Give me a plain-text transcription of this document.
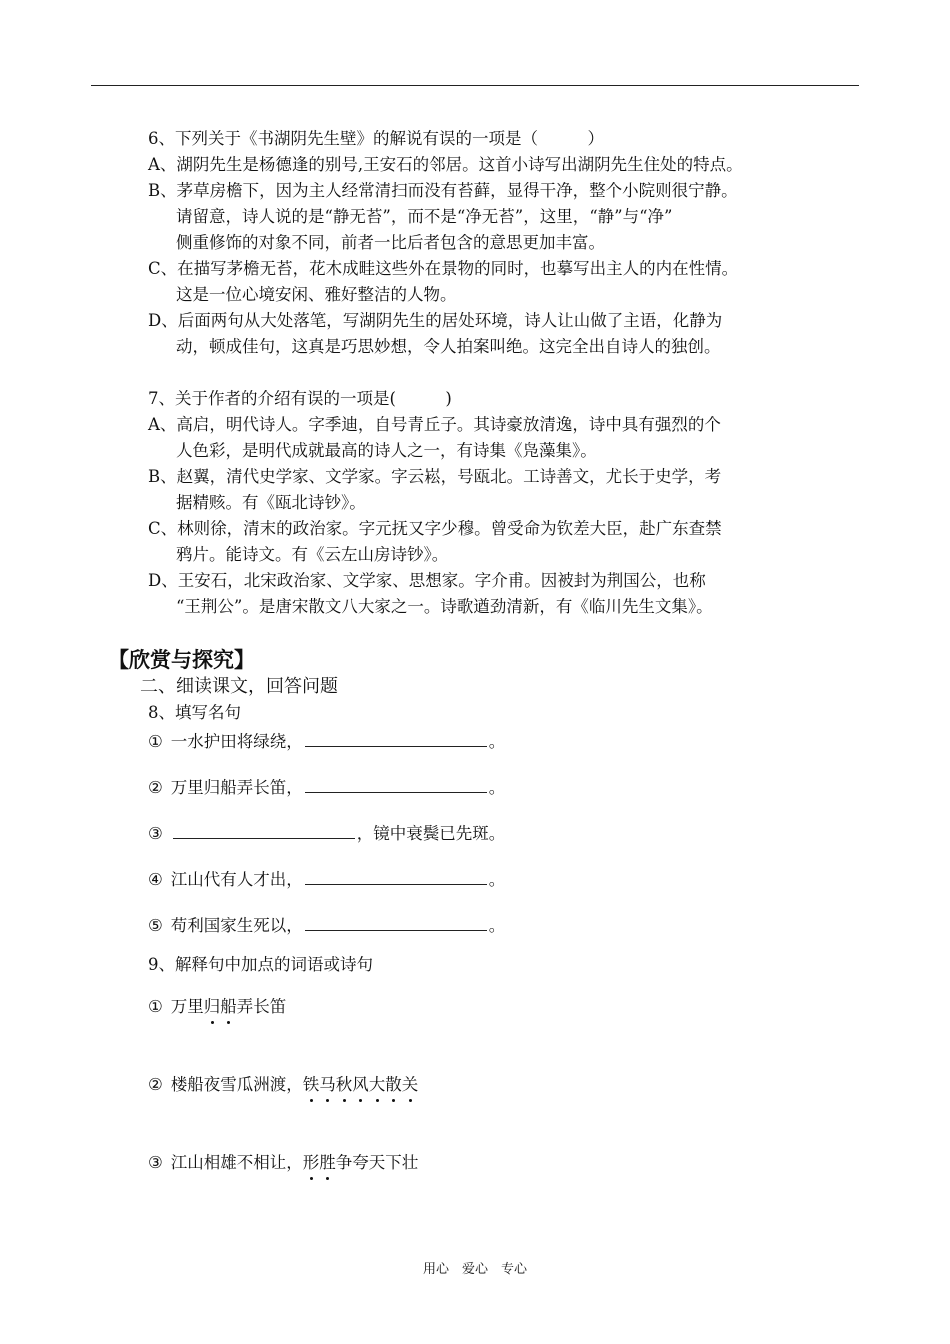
6、下列关于《书湖阴先生壁》的解说有误的一项是（　　　）
A、湖阴先生是杨德逢的别号,王安石的邻居。这首小诗写出湖阴先生住处的特点。
B、茅草房檐下，因为主人经常清扫而没有苔藓，显得干净，整个小院则很宁静。
请留意，诗人说的是“静无苔”，而不是“净无苔”，这里，“静”与“净”
侧重修饰的对象不同，前者一比后者包含的意思更加丰富。
C、在描写茅檐无苔，花木成畦这些外在景物的同时，也摹写出主人的内在性情。
这是一位心境安闲、雅好整洁的人物。
D、后面两句从大处落笔，写湖阴先生的居处环境，诗人让山做了主语，化静为
动，顿成佳句，这真是巧思妙想，令人拍案叫绝。这完全出自诗人的独创。
7、关于作者的介绍有误的一项是(　　　)
A、高启，明代诗人。字季迪，自号青丘子。其诗豪放清逸，诗中具有强烈的个
人色彩，是明代成就最高的诗人之一，有诗集《凫藻集》。
B、赵翼，清代史学家、文学家。字云崧，号瓯北。工诗善文，尤长于史学，考
据精赅。有《瓯北诗钞》。
C、林则徐，清末的政治家。字元抚又字少穆。曾受命为钦差大臣，赴广东查禁
鸦片。能诗文。有《云左山房诗钞》。
D、王安石，北宋政治家、文学家、思想家。字介甫。因被封为荆国公，也称
“王荆公”。是唐宋散文八大家之一。诗歌遒劲清新，有《临川先生文集》。
【欣赏与探究】
二、细读课文，回答问题
8、填写名句
① 一水护田将绿绕，	。
② 万里归船弄长笛，	。
③	，镜中衰鬓已先斑。
④ 江山代有人才出，	。
⑤ 苟利国家生死以，	。
9、解释句中加点的词语或诗句
① 万里归船弄长笛
② 楼船夜雪瓜洲渡，铁马秋风大散关
③ 江山相雄不相让，形胜争夸天下壮
用心　爱心　专心
